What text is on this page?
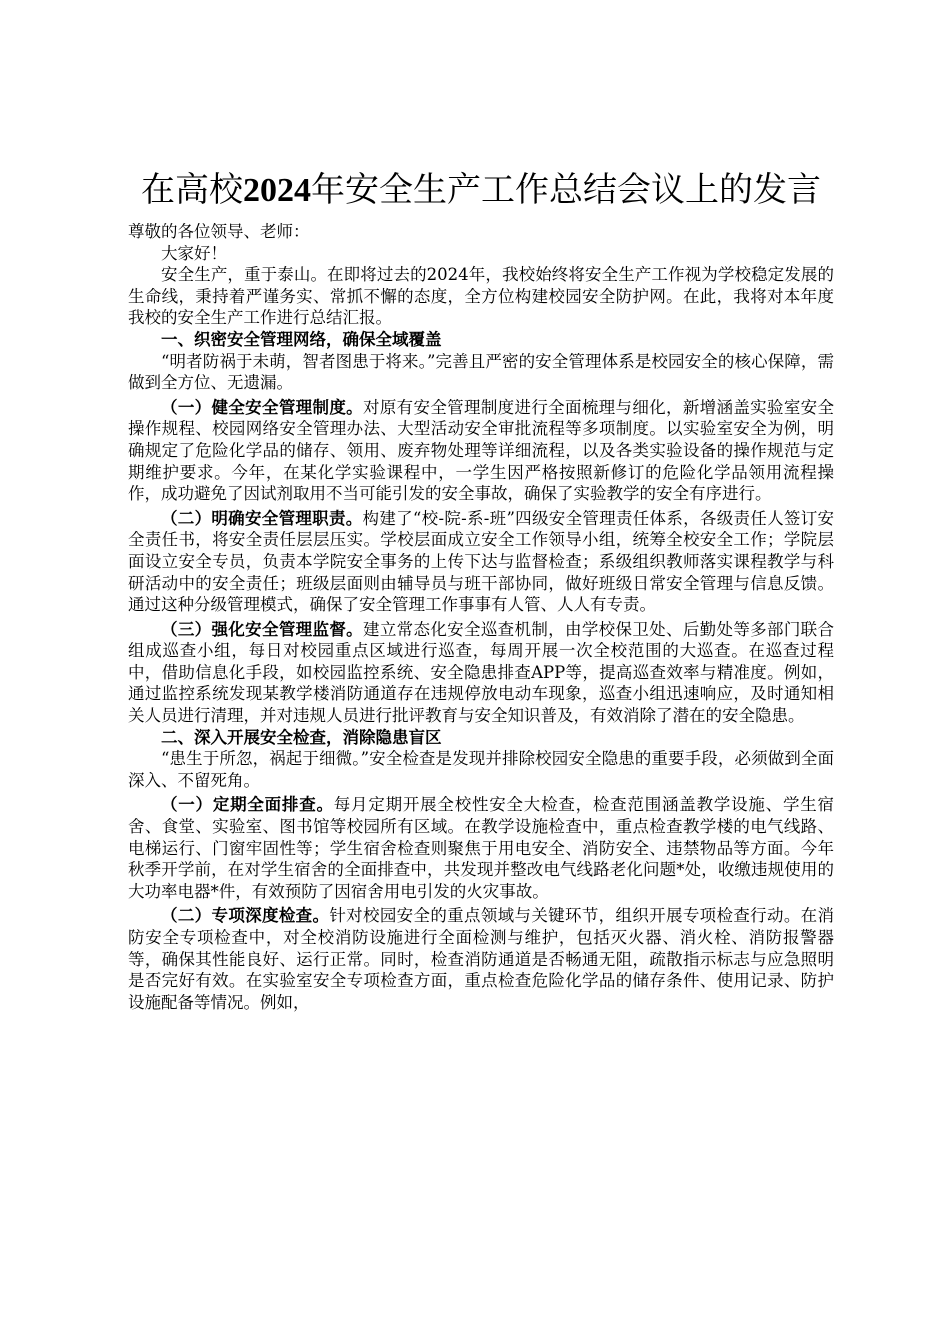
在高校2024年安全生产工作总结会议上的发言

尊敬的各位领导、老师：

大家好！

安全生产，重于泰山。在即将过去的2024年，我校始终将安全生产工作视为学校稳定发展的生命线，秉持着严谨务实、常抓不懈的态度，全方位构建校园安全防护网。在此，我将对本年度我校的安全生产工作进行总结汇报。

一、织密安全管理网络，确保全域覆盖

“明者防祸于未萌，智者图患于将来。”完善且严密的安全管理体系是校园安全的核心保障，需做到全方位、无遗漏。

（一）健全安全管理制度。对原有安全管理制度进行全面梳理与细化，新增涵盖实验室安全操作规程、校园网络安全管理办法、大型活动安全审批流程等多项制度。以实验室安全为例，明确规定了危险化学品的储存、领用、废弃物处理等详细流程，以及各类实验设备的操作规范与定期维护要求。今年，在某化学实验课程中，一学生因严格按照新修订的危险化学品领用流程操作，成功避免了因试剂取用不当可能引发的安全事故，确保了实验教学的安全有序进行。

（二）明确安全管理职责。构建了“校-院-系-班”四级安全管理责任体系，各级责任人签订安全责任书，将安全责任层层压实。学校层面成立安全工作领导小组，统筹全校安全工作；学院层面设立安全专员，负责本学院安全事务的上传下达与监督检查；系级组织教师落实课程教学与科研活动中的安全责任；班级层面则由辅导员与班干部协同，做好班级日常安全管理与信息反馈。通过这种分级管理模式，确保了安全管理工作事事有人管、人人有专责。

（三）强化安全管理监督。建立常态化安全巡查机制，由学校保卫处、后勤处等多部门联合组成巡查小组，每日对校园重点区域进行巡查，每周开展一次全校范围的大巡查。在巡查过程中，借助信息化手段，如校园监控系统、安全隐患排查APP等，提高巡查效率与精准度。例如，通过监控系统发现某教学楼消防通道存在违规停放电动车现象，巡查小组迅速响应，及时通知相关人员进行清理，并对违规人员进行批评教育与安全知识普及，有效消除了潜在的安全隐患。

二、深入开展安全检查，消除隐患盲区

“患生于所忽，祸起于细微。”安全检查是发现并排除校园安全隐患的重要手段，必须做到全面深入、不留死角。

（一）定期全面排查。每月定期开展全校性安全大检查，检查范围涵盖教学设施、学生宿舍、食堂、实验室、图书馆等校园所有区域。在教学设施检查中，重点检查教学楼的电气线路、电梯运行、门窗牢固性等；学生宿舍检查则聚焦于用电安全、消防安全、违禁物品等方面。今年秋季开学前，在对学生宿舍的全面排查中，共发现并整改电气线路老化问题*处，收缴违规使用的大功率电器*件，有效预防了因宿舍用电引发的火灾事故。

（二）专项深度检查。针对校园安全的重点领域与关键环节，组织开展专项检查行动。在消防安全专项检查中，对全校消防设施进行全面检测与维护，包括灭火器、消火栓、消防报警器等，确保其性能良好、运行正常。同时，检查消防通道是否畅通无阻，疏散指示标志与应急照明是否完好有效。在实验室安全专项检查方面，重点检查危险化学品的储存条件、使用记录、防护设施配备等情况。例如，
